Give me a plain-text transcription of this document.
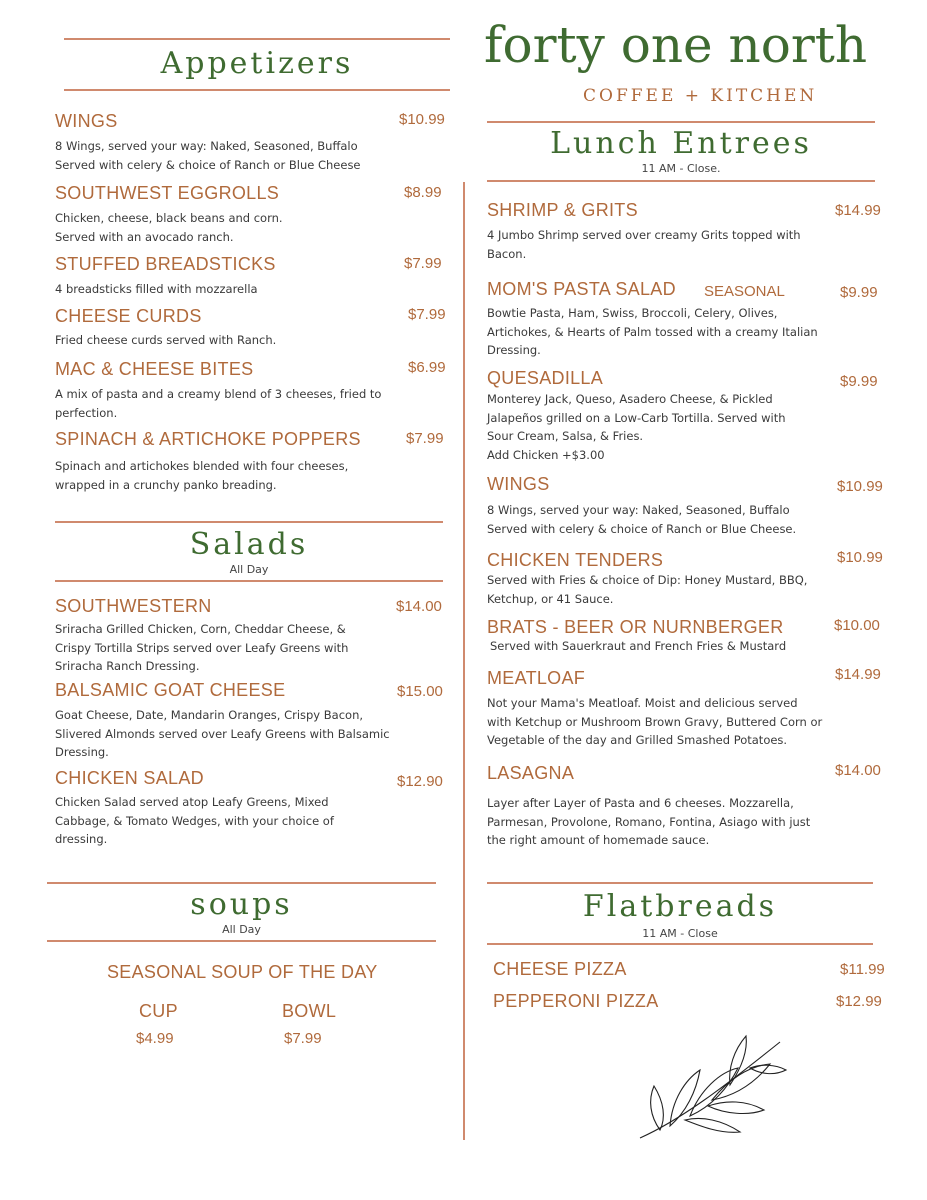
Appetizers
WINGS	$10.99
8 Wings, served your way: Naked, Seasoned, Buffalo
Served with celery & choice of Ranch or Blue Cheese
SOUTHWEST EGGROLLS	$8.99
Chicken, cheese, black beans and corn.
Served with an avocado ranch.
STUFFED BREADSTICKS	$7.99
4 breadsticks filled with mozzarella
CHEESE CURDS	$7.99
Fried cheese curds served with Ranch.
MAC & CHEESE BITES	$6.99
A mix of pasta and a creamy blend of 3 cheeses, fried to
perfection.
SPINACH & ARTICHOKE POPPERS	$7.99
Spinach and artichokes blended with four cheeses,
wrapped in a crunchy panko breading.
Salads
All Day
SOUTHWESTERN	$14.00
Sriracha Grilled Chicken, Corn, Cheddar Cheese, &
Crispy Tortilla Strips served over Leafy Greens with
Sriracha Ranch Dressing.
BALSAMIC GOAT CHEESE	$15.00
Goat Cheese, Date, Mandarin Oranges, Crispy Bacon,
Slivered Almonds served over Leafy Greens with Balsamic
Dressing.
CHICKEN SALAD	$12.90
Chicken Salad served atop Leafy Greens, Mixed
Cabbage, & Tomato Wedges, with your choice of
dressing.
soups
All Day
SEASONAL SOUP OF THE DAY
CUP	BOWL
$4.99	$7.99
forty one north
COFFEE + KITCHEN
Lunch Entrees
11 AM - Close.
SHRIMP & GRITS	$14.99
4 Jumbo Shrimp served over creamy Grits topped with
Bacon.
MOM'S PASTA SALAD SEASONAL	$9.99
Bowtie Pasta, Ham, Swiss, Broccoli, Celery, Olives,
Artichokes, & Hearts of Palm tossed with a creamy Italian
Dressing.
QUESADILLA	$9.99
Monterey Jack, Queso, Asadero Cheese, & Pickled
Jalapeños grilled on a Low-Carb Tortilla. Served with
Sour Cream, Salsa, & Fries.
Add Chicken +$3.00
WINGS	$10.99
8 Wings, served your way: Naked, Seasoned, Buffalo
Served with celery & choice of Ranch or Blue Cheese.
CHICKEN TENDERS	$10.99
Served with Fries & choice of Dip: Honey Mustard, BBQ,
Ketchup, or 41 Sauce.
BRATS - BEER OR NURNBERGER	$10.00
Served with Sauerkraut and French Fries & Mustard
MEATLOAF	$14.99
Not your Mama's Meatloaf. Moist and delicious served
with Ketchup or Mushroom Brown Gravy, Buttered Corn or
Vegetable of the day and Grilled Smashed Potatoes.
LASAGNA	$14.00
Layer after Layer of Pasta and 6 cheeses. Mozzarella,
Parmesan, Provolone, Romano, Fontina, Asiago with just
the right amount of homemade sauce.
Flatbreads
11 AM - Close
CHEESE PIZZA	$11.99
PEPPERONI PIZZA	$12.99
